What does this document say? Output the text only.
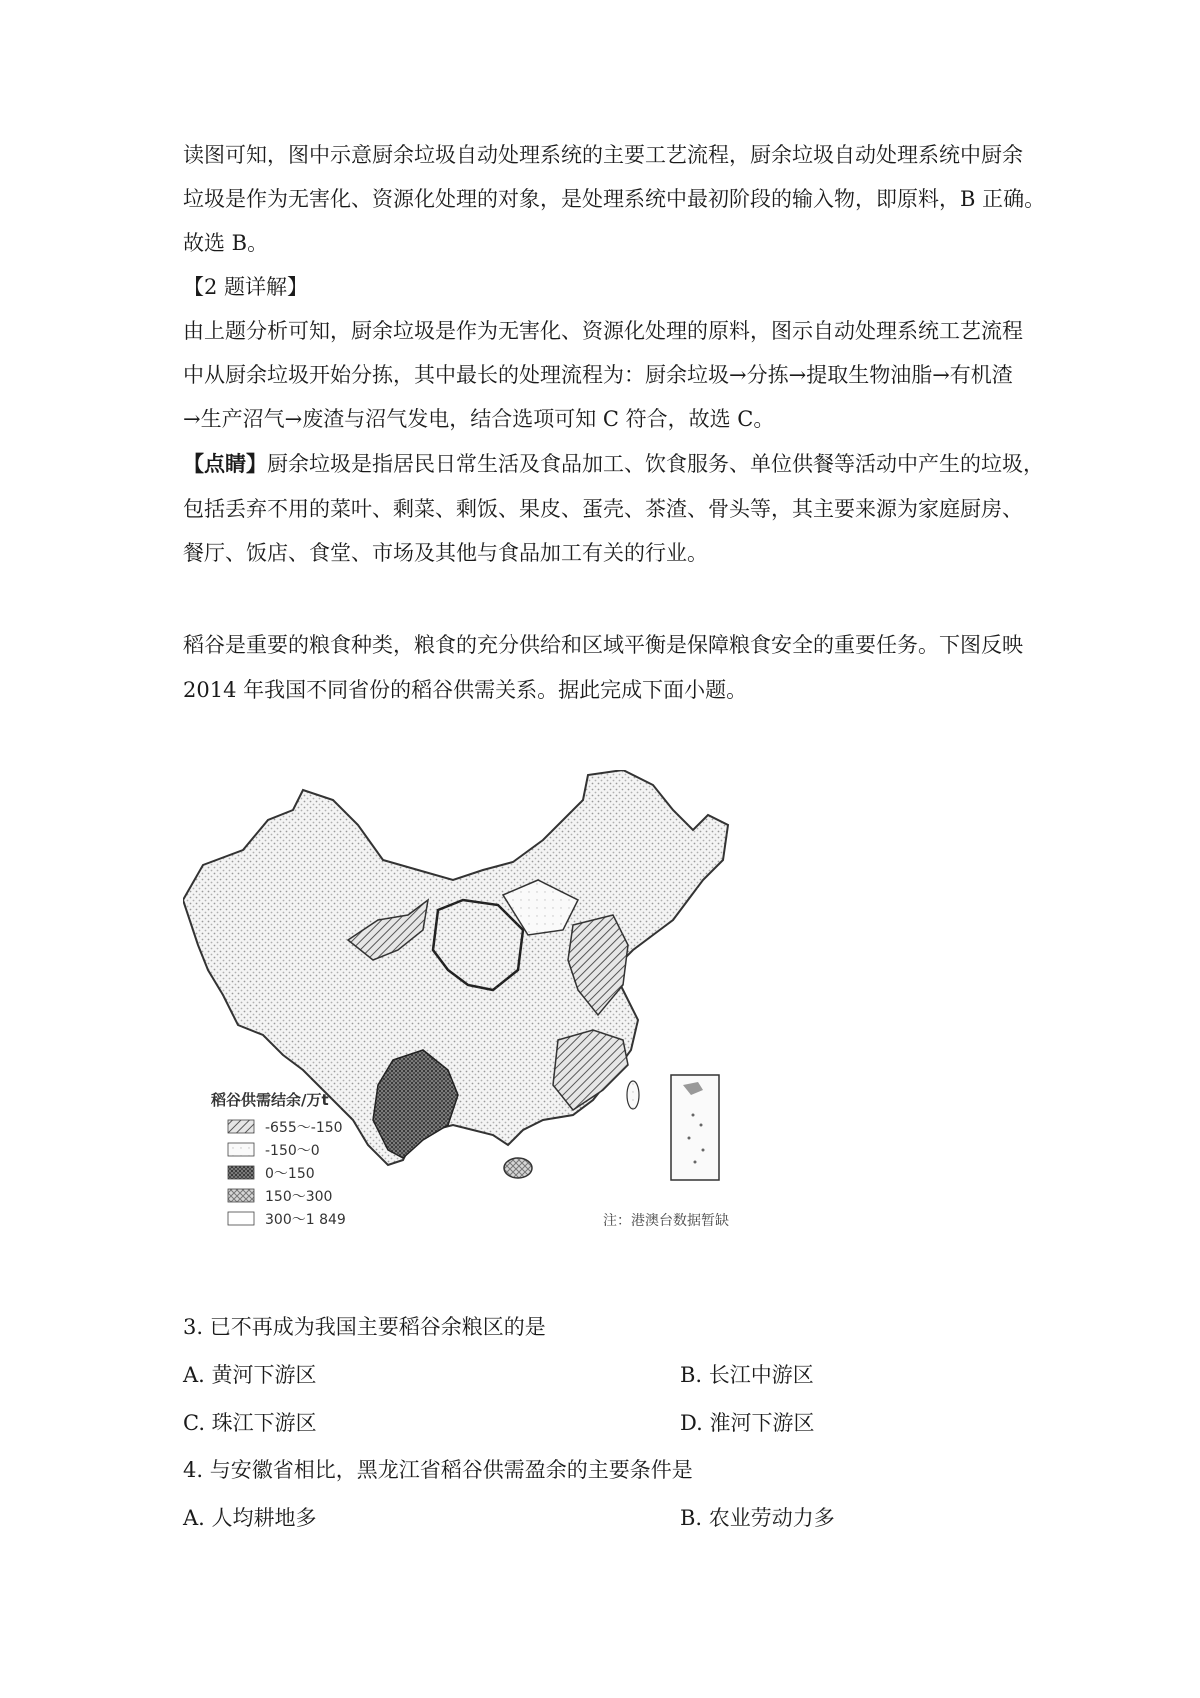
读图可知，图中示意厨余垃圾自动处理系统的主要工艺流程，厨余垃圾自动处理系统中厨余
垃圾是作为无害化、资源化处理的对象，是处理系统中最初阶段的输入物，即原料，B 正确。
故选 B。
【2 题详解】
由上题分析可知，厨余垃圾是作为无害化、资源化处理的原料，图示自动处理系统工艺流程
中从厨余垃圾开始分拣，其中最长的处理流程为：厨余垃圾→分拣→提取生物油脂→有机渣
→生产沼气→废渣与沼气发电，结合选项可知 C 符合，故选 C。
【点睛】厨余垃圾是指居民日常生活及食品加工、饮食服务、单位供餐等活动中产生的垃圾，
包括丢弃不用的菜叶、剩菜、剩饭、果皮、蛋壳、茶渣、骨头等，其主要来源为家庭厨房、
餐厅、饭店、食堂、市场及其他与食品加工有关的行业。
稻谷是重要的粮食种类，粮食的充分供给和区域平衡是保障粮食安全的重要任务。下图反映
2014 年我国不同省份的稻谷供需关系。据此完成下面小题。
稻谷供需结余/万t
-655～-150
-150～0
0～150
150～300
300～1 849	注：港澳台数据暂缺
3. 已不再成为我国主要稻谷余粮区的是
A. 黄河下游区	B. 长江中游区
C. 珠江下游区	D. 淮河下游区
4. 与安徽省相比，黑龙江省稻谷供需盈余的主要条件是
A. 人均耕地多	B. 农业劳动力多
